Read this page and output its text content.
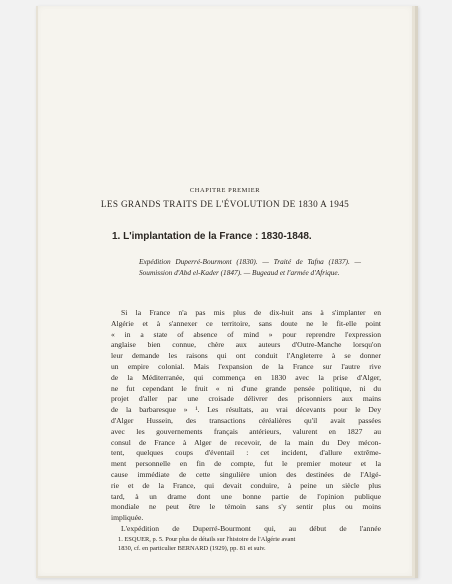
CHAPITRE PREMIER

LES GRANDS TRAITS DE L'ÉVOLUTION DE 1830 A 1945
1. L'implantation de la France : 1830-1848.

Expédition Duperré-Bourmont (1830). — Traité de Tafna (1837). — Soumission d'Abd el-Kader (1847). — Bugeaud et l'armée d'Afrique.

Si la France n'a pas mis plus de dix-huit ans à s'implanter en
Algérie et à s'annexer ce territoire, sans doute ne le fit-elle point
« in a state of absence of mind » pour reprendre l'expression
anglaise bien connue, chère aux auteurs d'Outre-Manche lorsqu'on
leur demande les raisons qui ont conduit l'Angleterre à se donner
un empire colonial. Mais l'expansion de la France sur l'autre rive
de la Méditerranée, qui commença en 1830 avec la prise d'Alger,
ne fut cependant le fruit « ni d'une grande pensée politique, ni du
projet d'aller par une croisade délivrer des prisonniers aux mains
de la barbaresque » ¹. Les résultats, au vrai décevants pour le Dey
d'Alger Hussein, des transactions céréalières qu'il avait passées
avec les gouvernements français antérieurs, valurent en 1827 au
consul de France à Alger de recevoir, de la main du Dey mécon-
tent, quelques coups d'éventail : cet incident, d'allure extrême-
ment personnelle en fin de compte, fut le premier moteur et la
cause immédiate de cette singulière union des destinées de l'Algé-
rie et de la France, qui devait conduire, à peine un siècle plus
tard, à un drame dont une bonne partie de l'opinion publique
mondiale ne peut être le témoin sans s'y sentir plus ou moins
impliquée.

L'expédition de Duperré-Bourmont qui, au début de l'année

1. ESQUER, p. 5. Pour plus de détails sur l'histoire de l'Algérie avant
1830, cf. en particulier BERNARD (1929), pp. 81 et suiv.
